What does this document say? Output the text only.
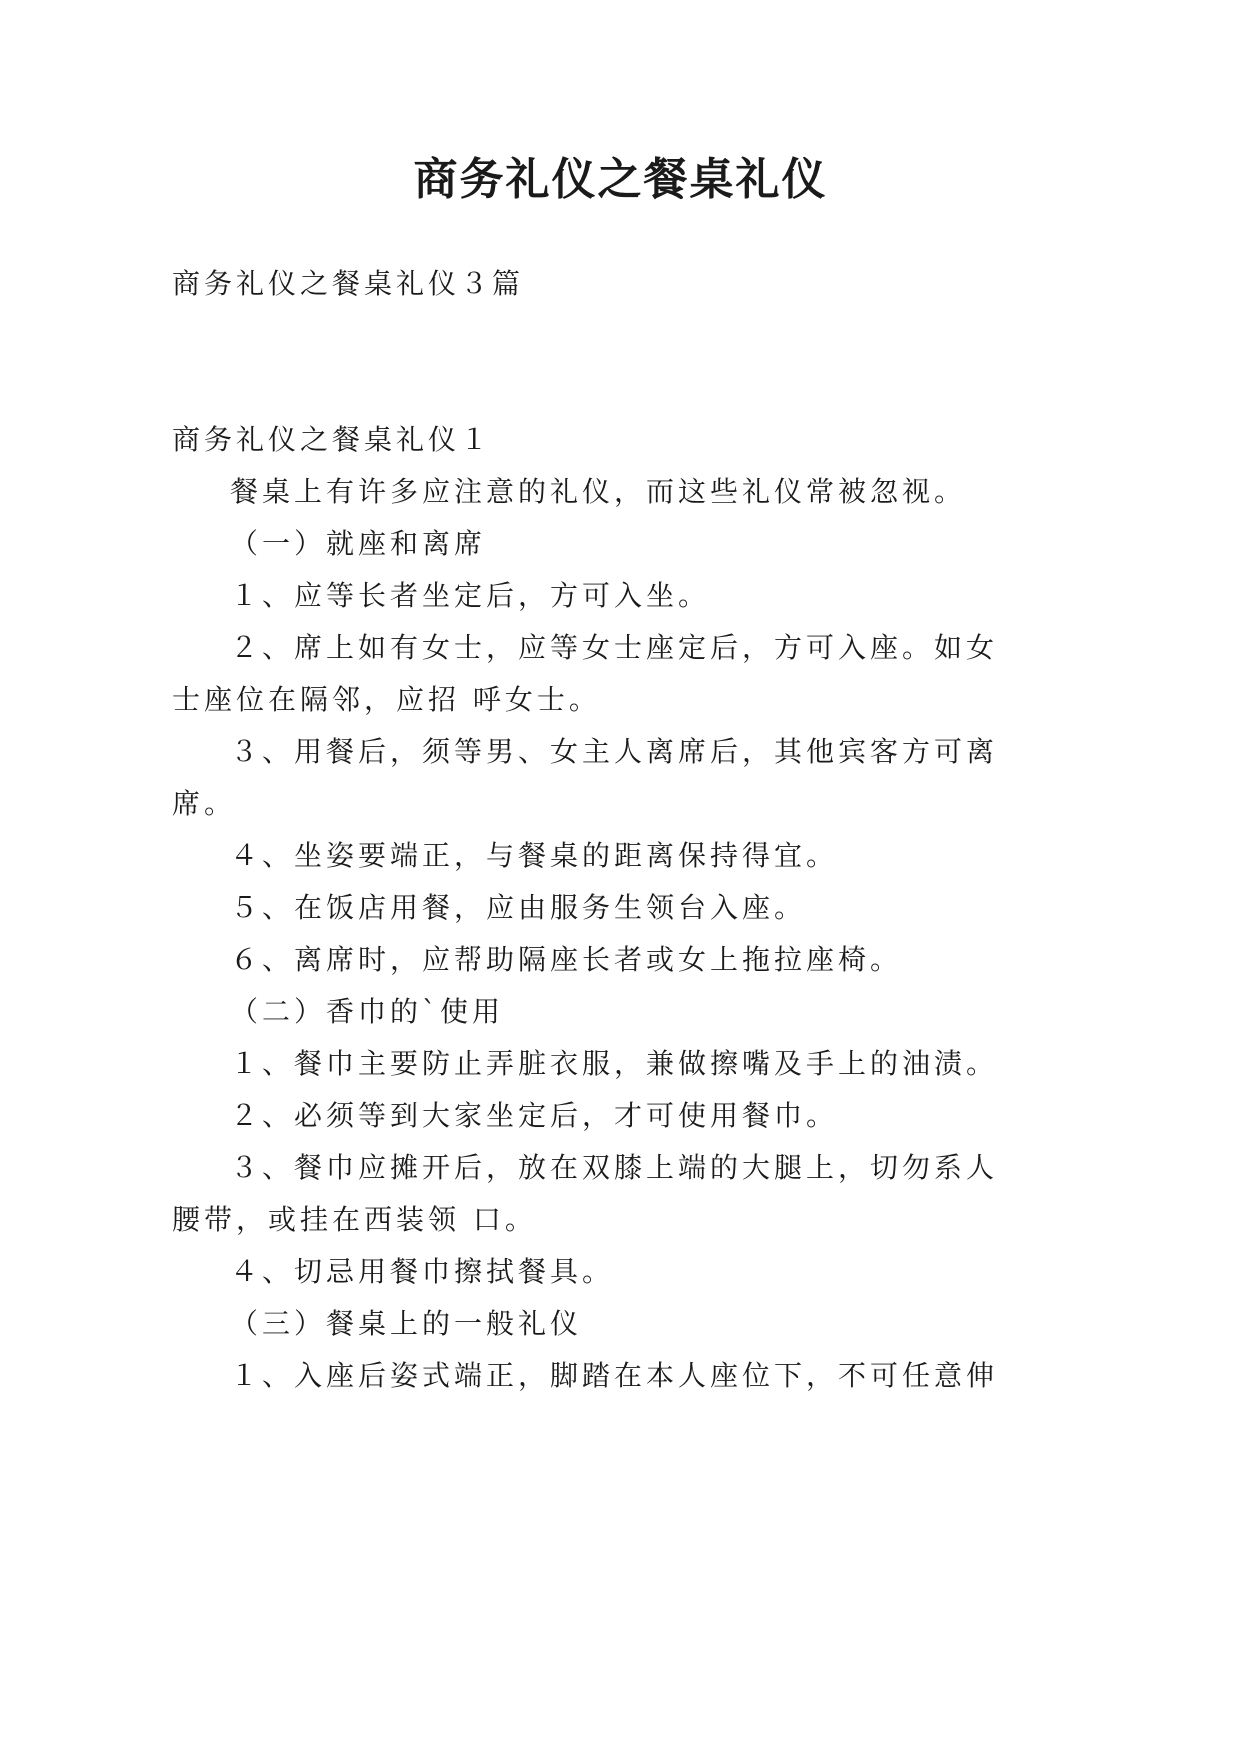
商务礼仪之餐桌礼仪

商务礼仪之餐桌礼仪３篇

商务礼仪之餐桌礼仪１

餐桌上有许多应注意的礼仪，而这些礼仪常被忽视。

（一）就座和离席

１、应等长者坐定后，方可入坐。

２、席上如有女士，应等女士座定后，方可入座。如女

士座位在隔邻，应招 呼女士。

３、用餐后，须等男、女主人离席后，其他宾客方可离

席。

４、坐姿要端正，与餐桌的距离保持得宜。

５、在饭店用餐，应由服务生领台入座。

６、离席时，应帮助隔座长者或女上拖拉座椅。

（二）香巾的`使用

１、餐巾主要防止弄脏衣服，兼做擦嘴及手上的油渍。

２、必须等到大家坐定后，才可使用餐巾。

３、餐巾应摊开后，放在双膝上端的大腿上，切勿系人

腰带，或挂在西装领 口。

４、切忌用餐巾擦拭餐具。

（三）餐桌上的一般礼仪

１、入座后姿式端正，脚踏在本人座位下，不可任意伸
